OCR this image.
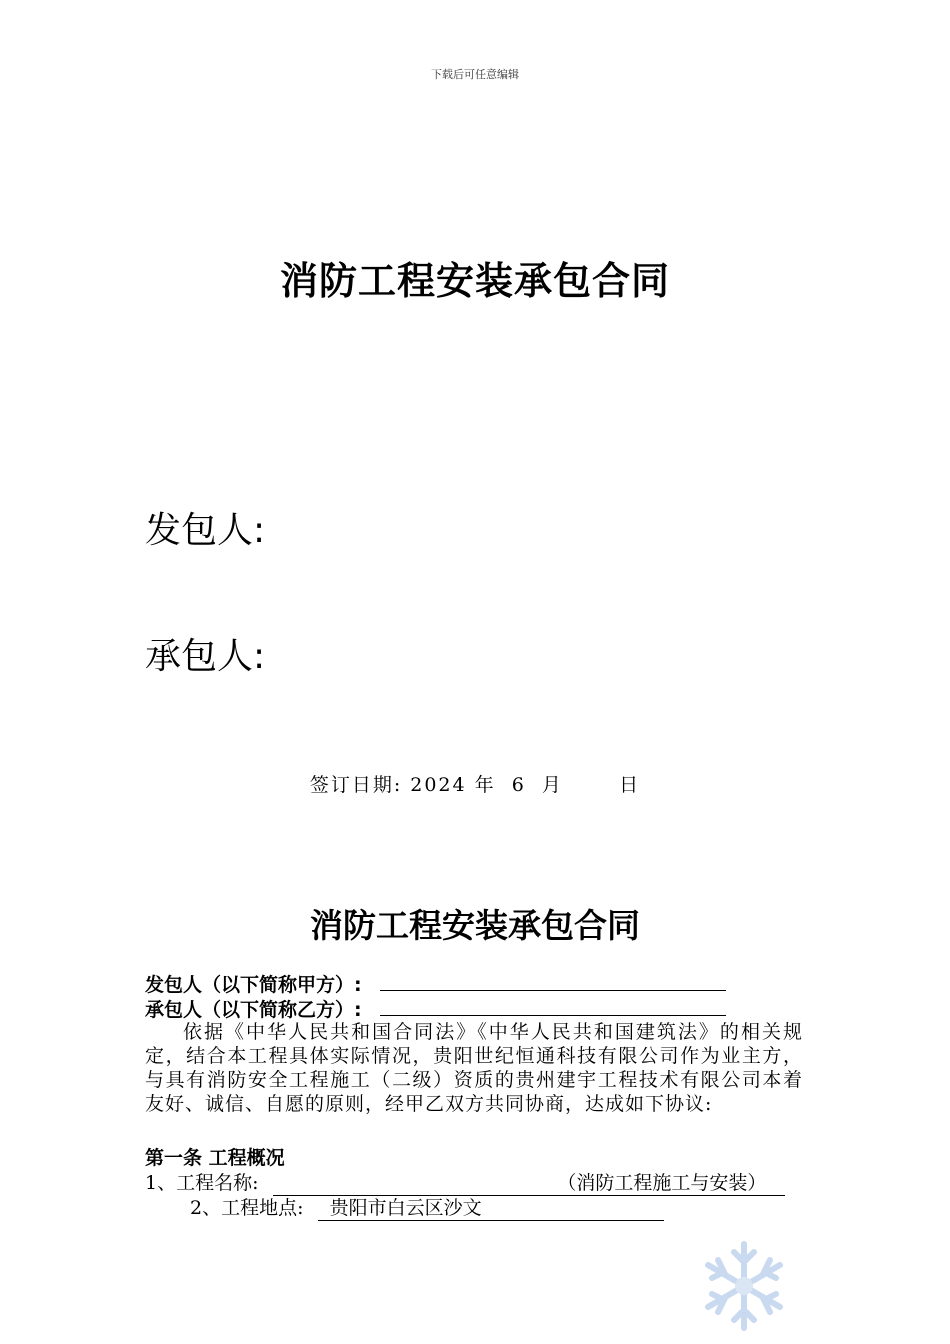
下载后可任意编辑
消防工程安装承包合同
发包人:
承包人:
签订日期: 2024 年  6  月       日
消防工程安装承包合同
发包人（以下简称甲方）:
承包人（以下简称乙方）:
依据《中华人民共和国合同法》《中华人民共和国建筑法》的相关规定，结合本工程具体实际情况，贵阳世纪恒通科技有限公司作为业主方，与具有消防安全工程施工（二级）资质的贵州建宇工程技术有限公司本着友好、诚信、自愿的原则，经甲乙双方共同协商，达成如下协议:
第一条 工程概况
1、工程名称:	（消防工程施工与安装）
2、工程地点: 贵阳市白云区沙文
